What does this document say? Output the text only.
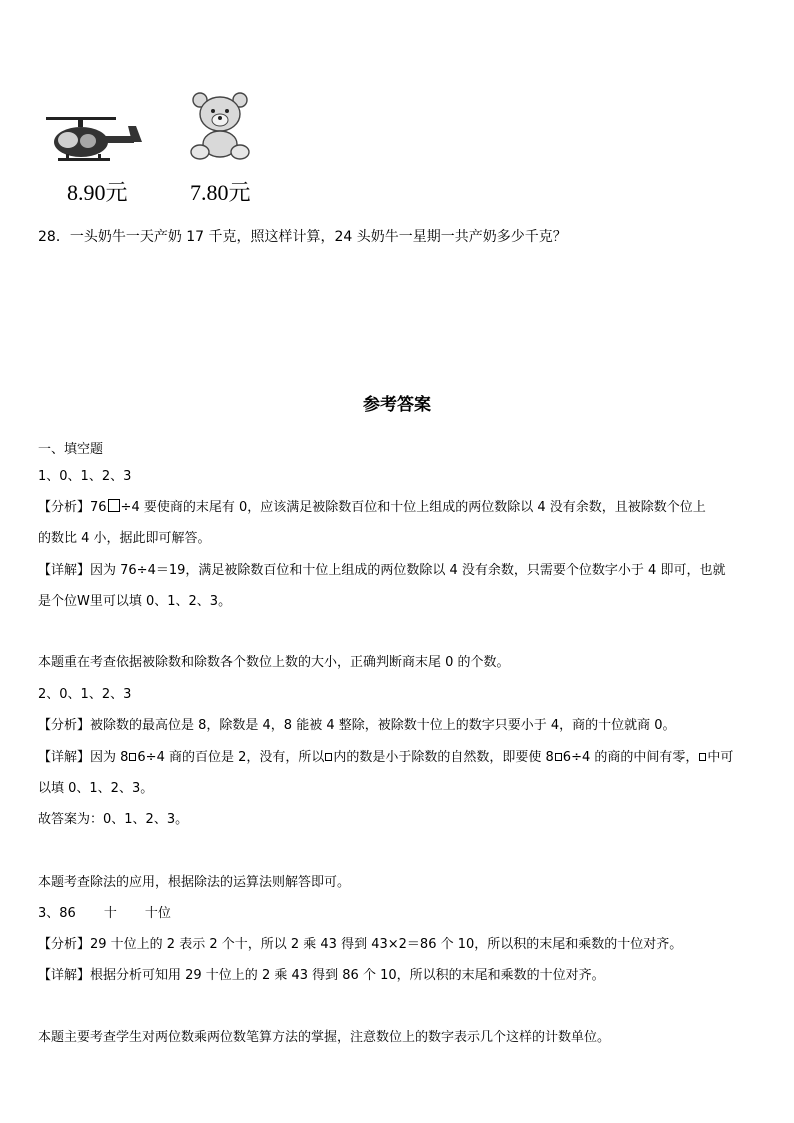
8.90元	7.80元
28．一头奶牛一天产奶 17 千克，照这样计算，24 头奶牛一星期一共产奶多少千克？
参考答案
一、填空题
1、0、1、2、3
【分析】76 ÷4 要使商的末尾有 0，应该满足被除数百位和十位上组成的两位数除以 4 没有余数，且被除数个位上
的数比 4 小，据此即可解答。
【详解】因为 76÷4＝19，满足被除数百位和十位上组成的两位数除以 4 没有余数，只需要个位数字小于 4 即可，也就
是个位W里可以填 0、1、2、3。
本题重在考查依据被除数和除数各个数位上数的大小，正确判断商末尾 0 的个数。
2、0、1、2、3
【分析】被除数的最高位是 8，除数是 4，8 能被 4 整除，被除数十位上的数字只要小于 4，商的十位就商 0。
【详解】因为 8 6÷4 商的百位是 2，没有，所以 内的数是小于除数的自然数，即要使 8 6÷4 的商的中间有零， 中可
以填 0、1、2、3。
故答案为：0、1、2、3。
本题考查除法的应用，根据除法的运算法则解答即可。
3、86 十 十位
【分析】29 十位上的 2 表示 2 个十，所以 2 乘 43 得到 43×2＝86 个 10，所以积的末尾和乘数的十位对齐。
【详解】根据分析可知用 29 十位上的 2 乘 43 得到 86 个 10，所以积的末尾和乘数的十位对齐。
本题主要考查学生对两位数乘两位数笔算方法的掌握，注意数位上的数字表示几个这样的计数单位。
